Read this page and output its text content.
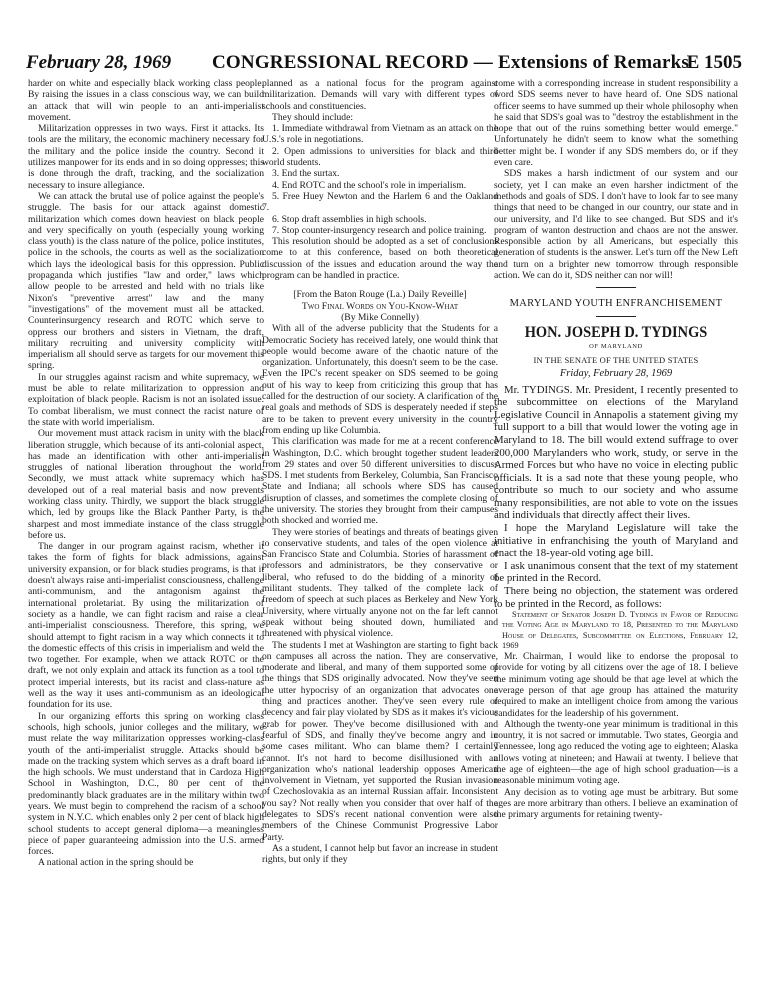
February 28, 1969 CONGRESSIONAL RECORD — Extensions of Remarks
E 1505

harder on white and especially black working class people. By raising the issues in a class conscious way, we can build an attack that will win people to an anti-imperialist movement.

Militarization oppresses in two ways. First it attacks. Its tools are the military, the economic machinery necessary for the military and the police inside the country. Second it utilizes manpower for its ends and in so doing oppresses; this is done through the draft, tracking, and the socialization necessary to insure allegiance.

We can attack the brutal use of police against the people's struggle. The basis for our attack against domestic militarization which comes down heaviest on black people and very specifically on youth (especially young working class youth) is the class nature of the police, police institutes, police in the schools, the courts as well as the socialization which lays the ideological basis for this oppression. Public propaganda which justifies "law and order," laws which allow people to be arrested and held with no trials like Nixon's "preventive arrest" law and the many "investigations" of the movement must all be attacked. Counterinsurgency research and ROTC which serve to oppress our brothers and sisters in Vietnam, the draft, military recruiting and university complicity with imperialism all should serve as targets for our movement this spring.

In our struggles against racism and white supremacy, we must be able to relate militarization to oppression and exploitation of black people. Racism is not an isolated issue. To combat liberalism, we must connect the racist nature of the state with world imperialism.

Our movement must attack racism in unity with the black liberation struggle, which because of its anti-colonial aspect, has made an identification with other anti-imperialist struggles of national liberation throughout the world. Secondly, we must attack white supremacy which has developed out of a real material basis and now prevents working class unity. Thirdly, we support the black struggle which, led by groups like the Black Panther Party, is the sharpest and most immediate instance of the class struggle before us.

The danger in our program against racism, whether it takes the form of fights for black admissions, against university expansion, or for black studies programs, is that it doesn't always raise anti-imperialist consciousness, challenge anti-communism, and the antagonism against the international proletariat. By using the militarization of society as a handle, we can fight racism and raise a clear anti-imperialist consciousness. Therefore, this spring, we should attempt to fight racism in a way which connects it to the domestic effects of this crisis in imperialism and weld the two together. For example, when we attack ROTC or the draft, we not only explain and attack its function as a tool to protect imperial interests, but its racist and class-nature as well as the way it uses anti-communism as an ideological foundation for its use.

In our organizing efforts this spring on working class schools, high schools, junior colleges and the military, we must relate the way militarization oppresses working-class youth of the anti-imperialist struggle. Attacks should be made on the tracking system which serves as a draft board in the high schools. We must understand that in Cardoza High School in Washington, D.C., 80 per cent of the predominantly black graduates are in the military within two years. We must begin to comprehend the racism of a school system in N.Y.C. which enables only 2 per cent of black high school students to accept general diploma—a meaningless piece of paper guaranteeing admission into the U.S. armed forces.

A national action in the spring should be

planned as a national focus for the program against militarization. Demands will vary with different types of schools and constituencies.

They should include:

1. Immediate withdrawal from Vietnam as an attack on the U.S.'s role in negotiations.

2. Open admissions to universities for black and third world students.

3. End the surtax.

4. End ROTC and the school's role in imperialism.

5. Free Huey Newton and the Harlem 6 and the Oakland 7.

6. Stop draft assemblies in high schools.

7. Stop counter-insurgency research and police training.

This resolution should be adopted as a set of conclusions come to at this conference, based on both theoretical discussion of the issues and education around the way the program can be handled in practice.

[From the Baton Rouge (La.) Daily Reveille]

Two Final Words on You-Know-What

(By Mike Connelly)

With all of the adverse publicity that the Students for a Democratic Society has received lately, one would think that people would become aware of the chaotic nature of the organization. Unfortunately, this doesn't seem to be the case. Even the IPC's recent speaker on SDS seemed to be going out of his way to keep from criticizing this group that has called for the destruction of our society. A clarification of the real goals and methods of SDS is desperately needed if steps are to be taken to prevent every university in the country from ending up like Columbia.

This clarification was made for me at a recent conference in Washington, D.C. which brought together student leaders from 29 states and over 50 different universities to discuss SDS. I met students from Berkeley, Columbia, San Francisco State and Indiana; all schools where SDS has caused disruption of classes, and sometimes the complete closing of the university. The stories they brought from their campuses both shocked and worried me.

They were stories of beatings and threats of beatings given to conservative students, and tales of the open violence at San Francisco State and Columbia. Stories of harassment of professors and administrators, be they conservative or liberal, who refused to do the bidding of a minority of militant students. They talked of the complete lack of freedom of speech at such places as Berkeley and New York University, where virtually anyone not on the far left cannot speak without being shouted down, humiliated and threatened with physical violence.

The students I met at Washington are starting to fight back on campuses all across the nation. They are conservative, moderate and liberal, and many of them supported some of the things that SDS originally advocated. Now they've seen the utter hypocrisy of an organization that advocates one thing and practices another. They've seen every rule of decency and fair play violated by SDS as it makes it's vicious grab for power. They've become disillusioned with and fearful of SDS, and finally they've become angry and in some cases militant. Who can blame them? I certainly cannot. It's not hard to become disillusioned with an organization who's national leadership opposes American involvement in Vietnam, yet supported the Rusian invasion of Czechoslovakia as an internal Russian affair. Inconsistent you say? Not really when you consider that over half of the delegates to SDS's recent national convention were also members of the Chinese Communist Progressive Labor Party.

As a student, I cannot help but favor an increase in student rights, but only if they

come with a corresponding increase in student responsibility a word SDS seems never to have heard of. One SDS national officer seems to have summed up their whole philosophy when he said that SDS's goal was to "destroy the establishment in the hope that out of the ruins something better would emerge." Unfortunately he didn't seem to know what the something better might be. I wonder if any SDS members do, or if they even care.

SDS makes a harsh indictment of our system and our society, yet I can make an even harsher indictment of the methods and goals of SDS. I don't have to look far to see many things that need to be changed in our country, our state and in our university, and I'd like to see changed. But SDS and it's program of wanton destruction and chaos are not the answer. Responsible action by all Americans, but especially this generation of students is the answer. Let's turn off the New Left and turn on a brighter new tomorrow through responsible action. We can do it, SDS neither can nor will!

MARYLAND YOUTH ENFRANCHISEMENT
HON. JOSEPH D. TYDINGS
OF MARYLAND
IN THE SENATE OF THE UNITED STATES
Friday, February 28, 1969

Mr. TYDINGS. Mr. President, I recently presented to the subcommittee on elections of the Maryland Legislative Council in Annapolis a statement giving my full support to a bill that would lower the voting age in Maryland to 18. The bill would extend suffrage to over 200,000 Marylanders who work, study, or serve in the Armed Forces but who have no voice in electing public officials. It is a sad note that these young people, who contribute so much to our society and who assume many responsibilities, are not able to vote on the issues and individuals that directly affect their lives.

I hope the Maryland Legislature will take the initiative in enfranchising the youth of Maryland and enact the 18-year-old voting age bill.

I ask unanimous consent that the text of my statement be printed in the Record.

There being no objection, the statement was ordered to be printed in the Record, as follows:

Statement of Senator Joseph D. Tydings in Favor of Reducing the Voting Age in Maryland to 18, Presented to the Maryland House of Delegates, Subcommittee on Elections, February 12, 1969

Mr. Chairman, I would like to endorse the proposal to provide for voting by all citizens over the age of 18. I believe the minimum voting age should be that age level at which the average person of that age group has attained the maturity required to make an intelligent choice from among the various candidates for the leadership of his government.

Although the twenty-one year minimum is traditional in this country, it is not sacred or immutable. Two states, Georgia and Tennessee, long ago reduced the voting age to eighteen; Alaska allows voting at nineteen; and Hawaii at twenty. I believe that the age of eighteen—the age of high school graduation—is a reasonable minimum voting age.

Any decision as to voting age must be arbitrary. But some ages are more arbitrary than others. I believe an examination of the primary arguments for retaining twenty-
